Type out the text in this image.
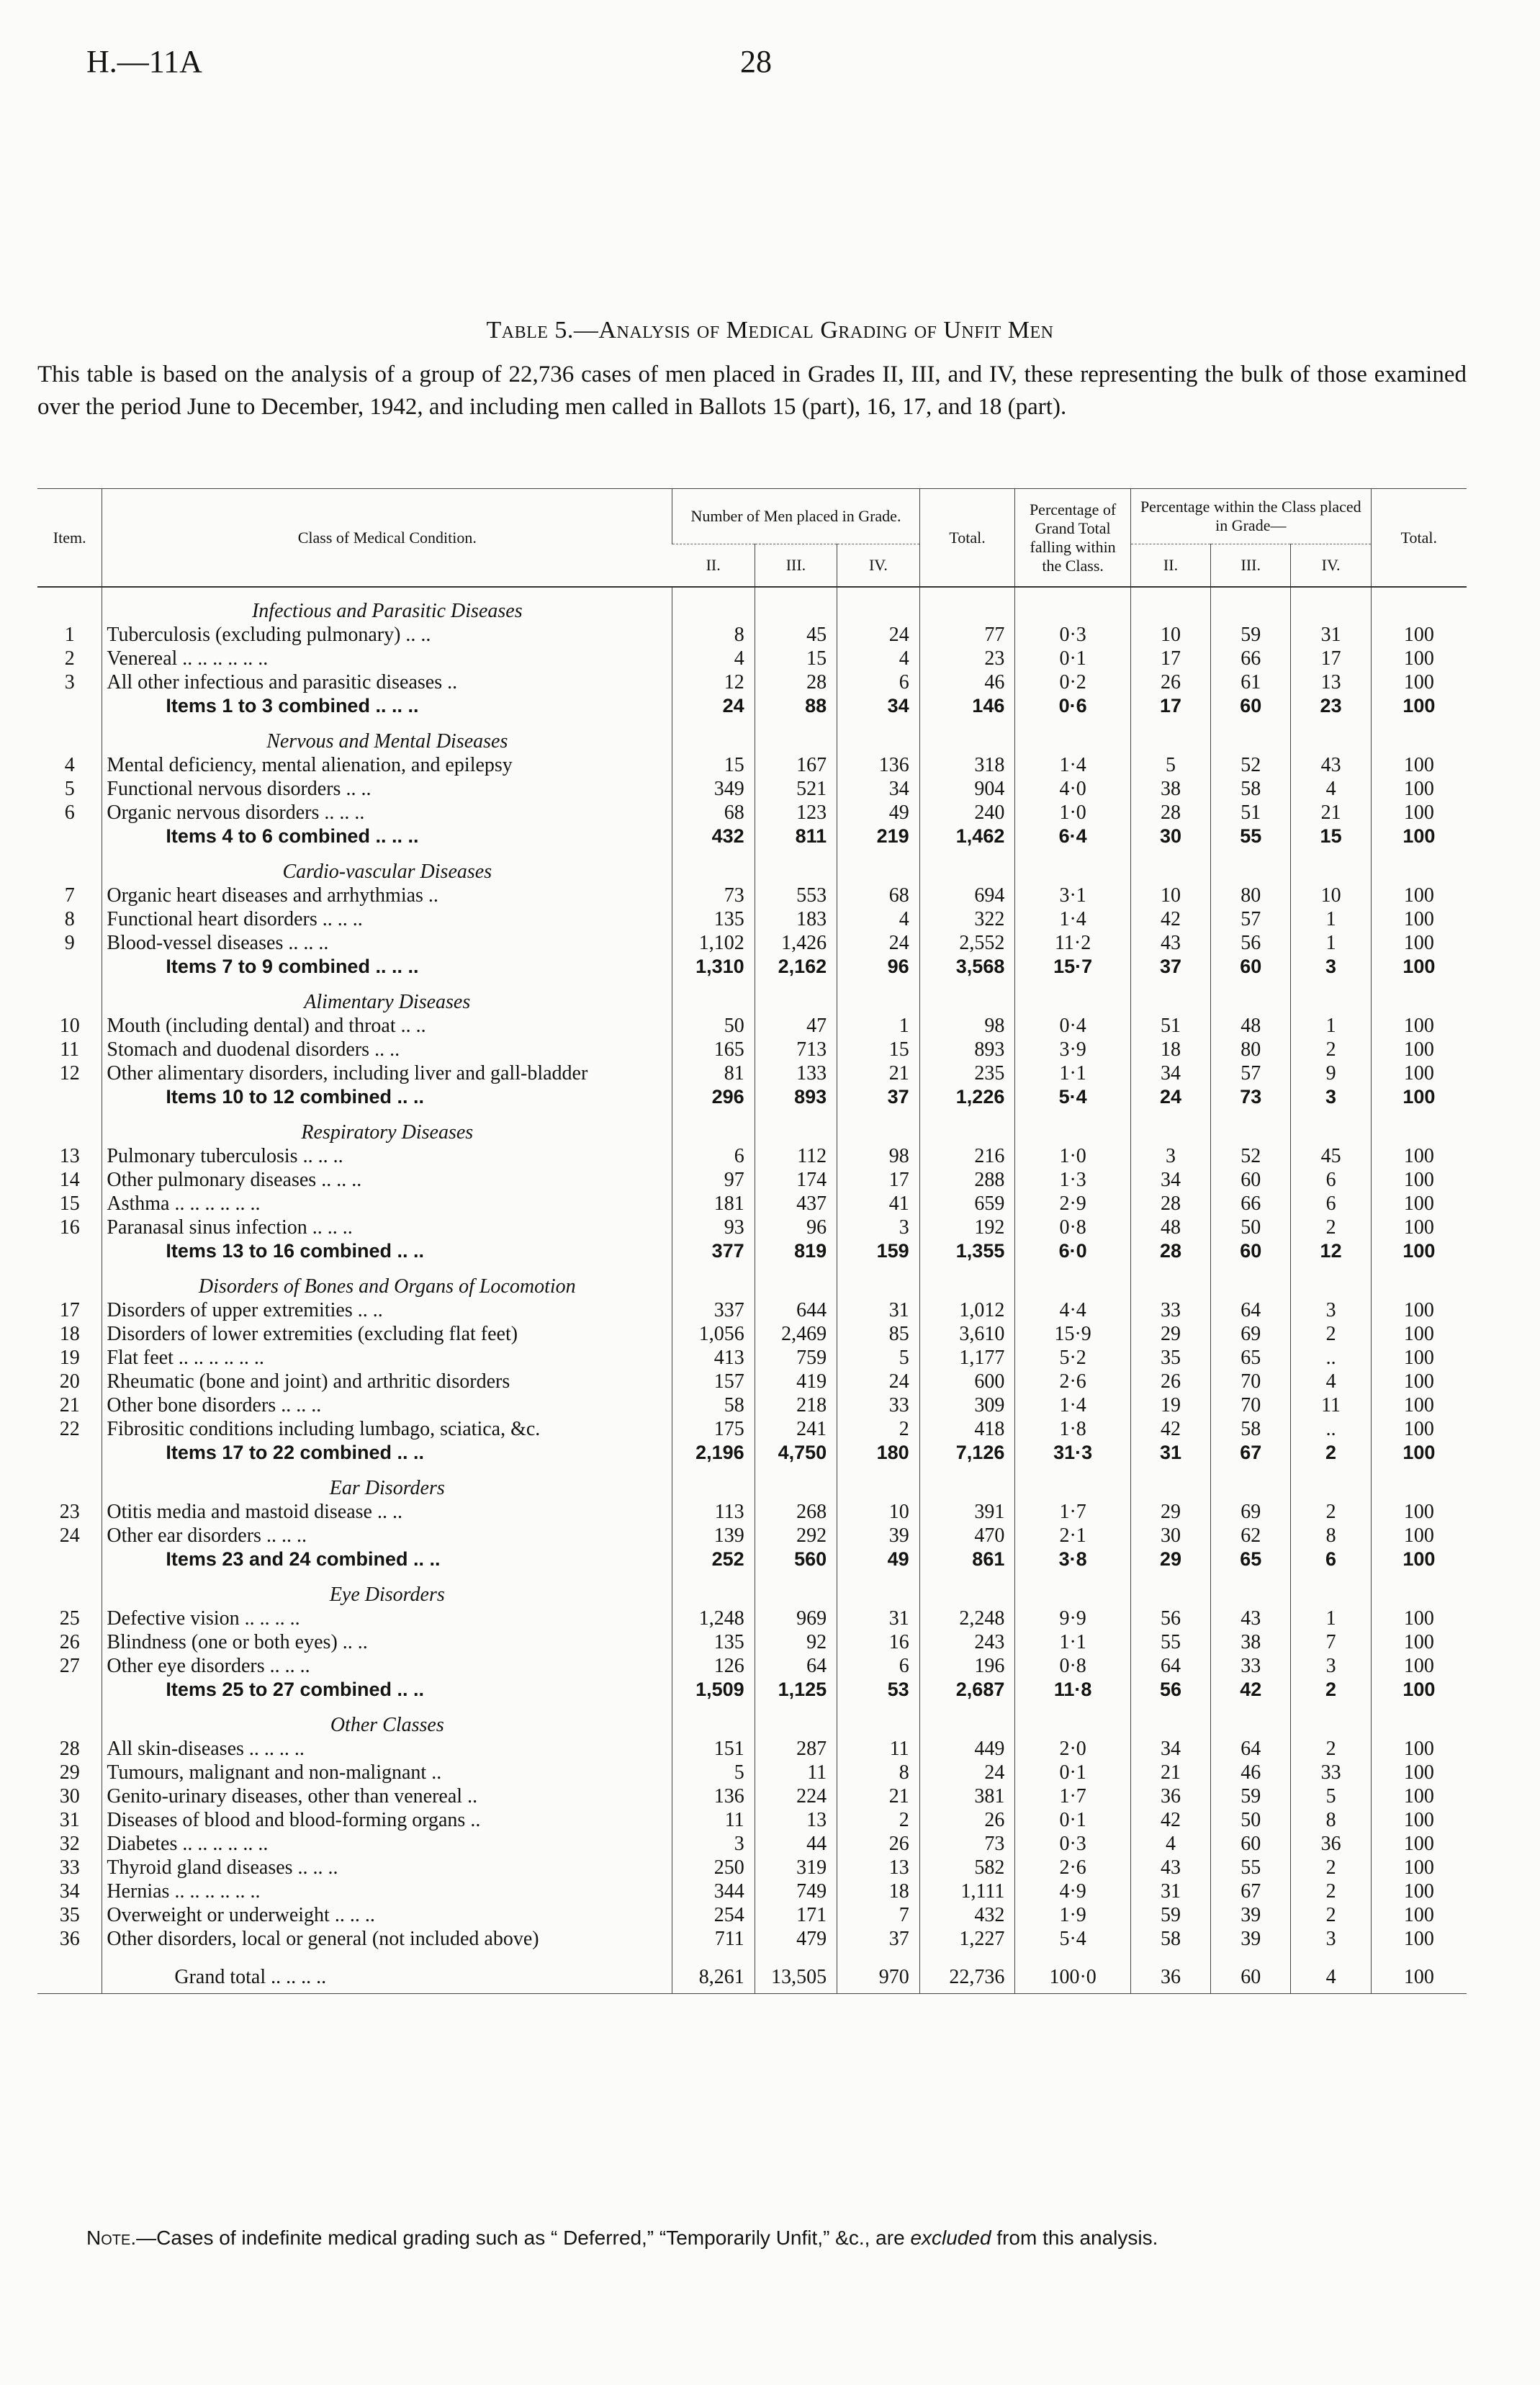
H.—11A	28
Table 5.—Analysis of Medical Grading of Unfit Men
This table is based on the analysis of a group of 22,736 cases of men placed in Grades II, III, and IV, these representing the bulk of those examined over the period June to December, 1942, and including men called in Ballots 15 (part), 16, 17, and 18 (part).
Item.	Class of Medical Condition.	Number of Men placed in Grade.			Total.	Percentage of Grand Total falling within the Class.	Percentage within the Class placed in Grade—			Total.
		II.	III.	IV.			II.	III.	IV.	
	Infectious and Parasitic Diseases									
1	Tuberculosis (excluding pulmonary) .. ..	8	45	24	77	0·3	10	59	31	100
2	Venereal .. .. .. .. .. ..	4	15	4	23	0·1	17	66	17	100
3	All other infectious and parasitic diseases ..	12	28	6	46	0·2	26	61	13	100
	Items 1 to 3 combined .. .. ..	24	88	34	146	0·6	17	60	23	100
	Nervous and Mental Diseases									
4	Mental deficiency, mental alienation, and epilepsy	15	167	136	318	1·4	5	52	43	100
5	Functional nervous disorders .. ..	349	521	34	904	4·0	38	58	4	100
6	Organic nervous disorders .. .. ..	68	123	49	240	1·0	28	51	21	100
	Items 4 to 6 combined .. .. ..	432	811	219	1,462	6·4	30	55	15	100
	Cardio-vascular Diseases									
7	Organic heart diseases and arrhythmias ..	73	553	68	694	3·1	10	80	10	100
8	Functional heart disorders .. .. ..	135	183	4	322	1·4	42	57	1	100
9	Blood-vessel diseases .. .. ..	1,102	1,426	24	2,552	11·2	43	56	1	100
	Items 7 to 9 combined .. .. ..	1,310	2,162	96	3,568	15·7	37	60	3	100
	Alimentary Diseases									
10	Mouth (including dental) and throat .. ..	50	47	1	98	0·4	51	48	1	100
11	Stomach and duodenal disorders .. ..	165	713	15	893	3·9	18	80	2	100
12	Other alimentary disorders, including liver and gall-bladder	81	133	21	235	1·1	34	57	9	100
	Items 10 to 12 combined .. ..	296	893	37	1,226	5·4	24	73	3	100
	Respiratory Diseases									
13	Pulmonary tuberculosis .. .. ..	6	112	98	216	1·0	3	52	45	100
14	Other pulmonary diseases .. .. ..	97	174	17	288	1·3	34	60	6	100
15	Asthma .. .. .. .. .. ..	181	437	41	659	2·9	28	66	6	100
16	Paranasal sinus infection .. .. ..	93	96	3	192	0·8	48	50	2	100
	Items 13 to 16 combined .. ..	377	819	159	1,355	6·0	28	60	12	100
	Disorders of Bones and Organs of Locomotion									
17	Disorders of upper extremities .. ..	337	644	31	1,012	4·4	33	64	3	100
18	Disorders of lower extremities (excluding flat feet)	1,056	2,469	85	3,610	15·9	29	69	2	100
19	Flat feet .. .. .. .. .. ..	413	759	5	1,177	5·2	35	65	..	100
20	Rheumatic (bone and joint) and arthritic disorders	157	419	24	600	2·6	26	70	4	100
21	Other bone disorders .. .. ..	58	218	33	309	1·4	19	70	11	100
22	Fibrositic conditions including lumbago, sciatica, &c.	175	241	2	418	1·8	42	58	..	100
	Items 17 to 22 combined .. ..	2,196	4,750	180	7,126	31·3	31	67	2	100
	Ear Disorders									
23	Otitis media and mastoid disease .. ..	113	268	10	391	1·7	29	69	2	100
24	Other ear disorders .. .. ..	139	292	39	470	2·1	30	62	8	100
	Items 23 and 24 combined .. ..	252	560	49	861	3·8	29	65	6	100
	Eye Disorders									
25	Defective vision .. .. .. ..	1,248	969	31	2,248	9·9	56	43	1	100
26	Blindness (one or both eyes) .. ..	135	92	16	243	1·1	55	38	7	100
27	Other eye disorders .. .. ..	126	64	6	196	0·8	64	33	3	100
	Items 25 to 27 combined .. ..	1,509	1,125	53	2,687	11·8	56	42	2	100
	Other Classes									
28	All skin-diseases .. .. .. ..	151	287	11	449	2·0	34	64	2	100
29	Tumours, malignant and non-malignant ..	5	11	8	24	0·1	21	46	33	100
30	Genito-urinary diseases, other than venereal ..	136	224	21	381	1·7	36	59	5	100
31	Diseases of blood and blood-forming organs ..	11	13	2	26	0·1	42	50	8	100
32	Diabetes .. .. .. .. .. ..	3	44	26	73	0·3	4	60	36	100
33	Thyroid gland diseases .. .. ..	250	319	13	582	2·6	43	55	2	100
34	Hernias .. .. .. .. .. ..	344	749	18	1,111	4·9	31	67	2	100
35	Overweight or underweight .. .. ..	254	171	7	432	1·9	59	39	2	100
36	Other disorders, local or general (not included above)	711	479	37	1,227	5·4	58	39	3	100
	Grand total .. .. .. ..	8,261	13,505	970	22,736	100·0	36	60	4	100
Note.—Cases of indefinite medical grading such as “ Deferred,” “Temporarily Unfit,” &c., are excluded from this analysis.
